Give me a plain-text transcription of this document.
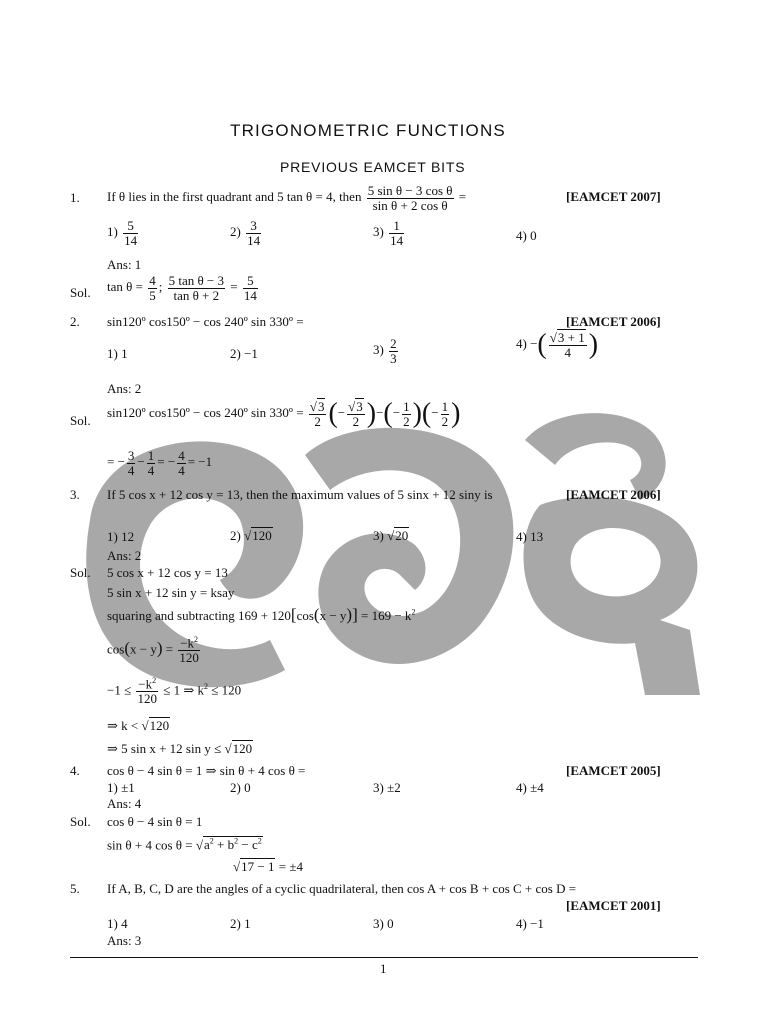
TRIGONOMETRIC FUNCTIONS
PREVIOUS EAMCET BITS
1. If θ lies in the first quadrant and 5 tan θ = 4, then $\frac{\text{5 sin θ − 3 cos θ}}{\text{sin θ + 2 cos θ}}$ =	[EAMCET 2007]
$1) \frac{5}{14}$	$2) \frac{3}{14}$	$3) \frac{1}{14}$	4) 0
Ans: 1
Sol. $\tan \theta = \frac{4}{5}$ ; $\frac{\text{5 tan θ − 3}}{\text{tan θ + 2}} = \frac{5}{14}$
2. sin120º cos150º − cos 240º sin 330º =	[EAMCET 2006]
1) 1	2) −1	$3) \frac{2}{3}$	4) −( $\frac{√3 + 1}{4}$ )
Ans: 2
Sol.
sin120º cos150º − cos 240º sin 330º = $\frac{√3}{2}$ (− $\frac{√3}{2}$ )−(− $\frac{1}{2}$ )(− $\frac{1}{2}$ )
= − $\frac{3}{4} - \frac{1}{4}$ = − $\frac{4}{4} = -1$
3. If 5 cos x + 12 cos y = 13, then the maximum values of 5 sinx + 12 siny is	[EAMCET 2006]
1) 12	2) √120	3) √20	4) 13
Ans: 2
Sol. 5 cos x + 12 cos y = 13
5 sin x + 12 sin y = ksay
squaring and subtracting $169 + 120[\cos(x - y)] = 169 - k^2$
$\cos(x - y) = \frac{-k^2}{120}$
$-1 \le \frac{-k^2}{120} \le 1$ ⇒ $k^2 \le 120$
⇒ k < √120
⇒ 5 sin x + 12 sin y ≤ √120
4. cos θ − 4 sin θ = 1 ⇒ sin θ + 4 cos θ =	[EAMCET 2005]
1) ±1	2) 0	3) ±2	4) ±4
Ans: 4
Sol. cos θ − 4 sin θ = 1
sin θ + 4 $\cos \theta = √a^2 + b^2 - c^2$
√17 − 1 = ±4
5. If A, B, C, D are the angles of a cyclic quadrilateral, then cos A + cos B + cos C + cos D =
[EAMCET 2001]
1) 4	2) 1	3) 0	4) −1
Ans: 3
1
